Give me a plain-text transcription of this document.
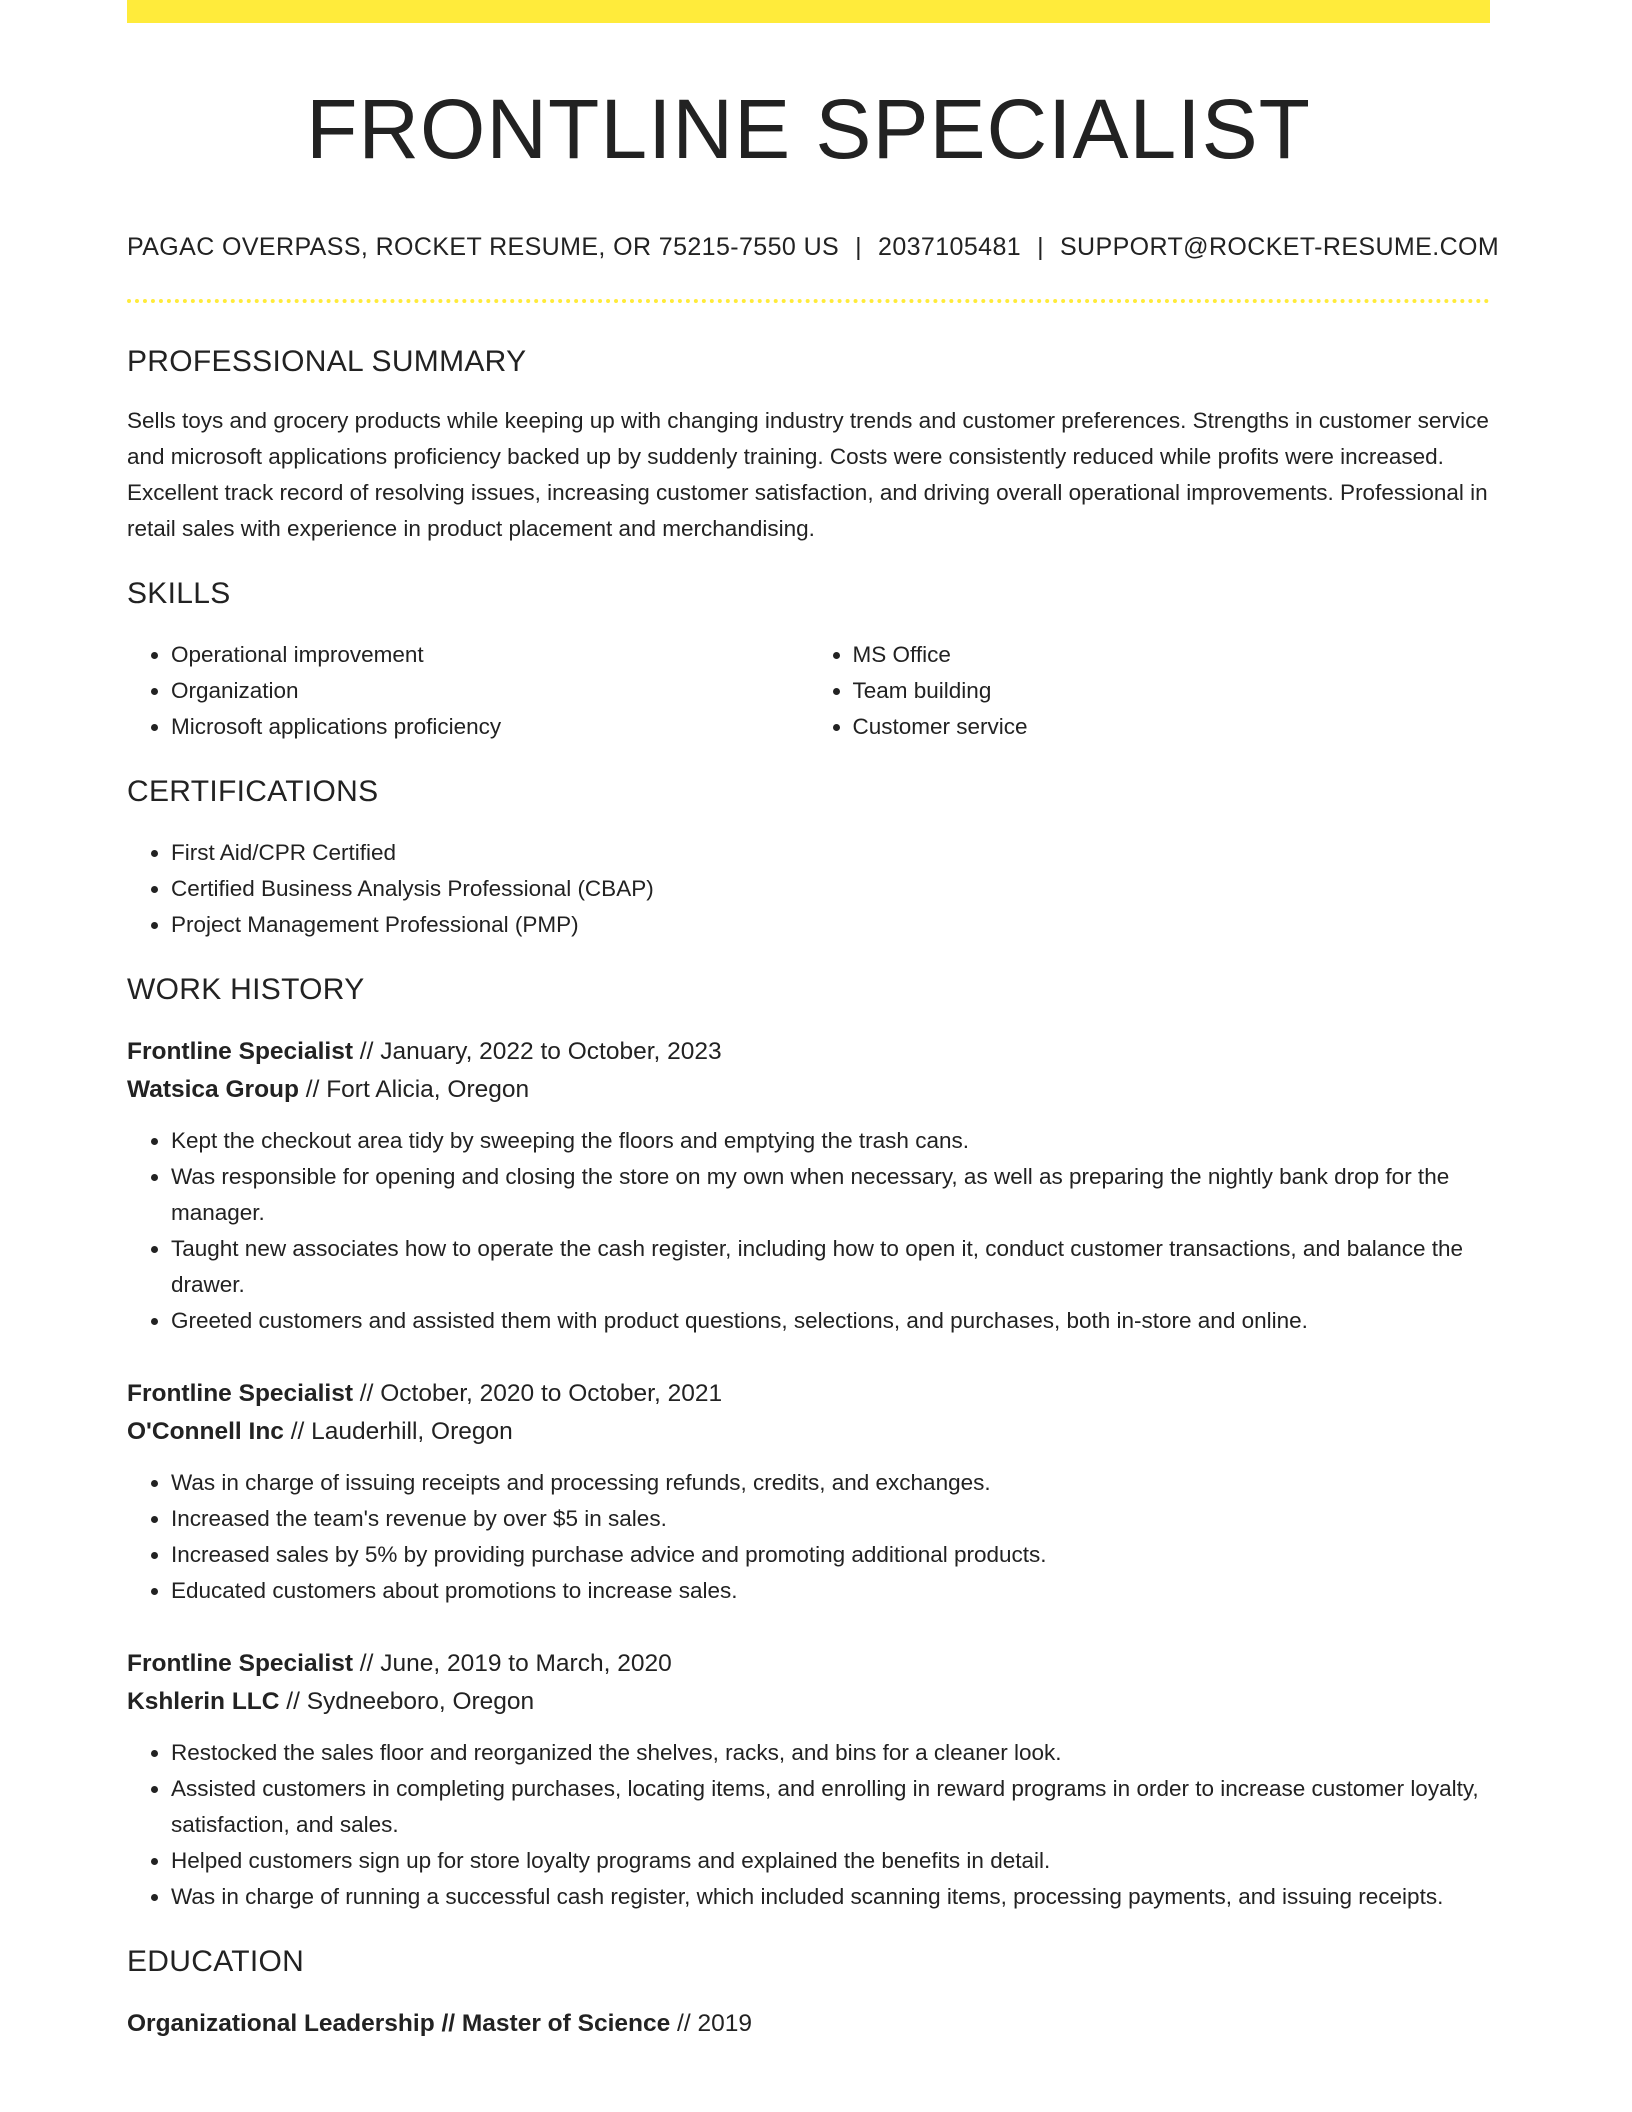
FRONTLINE SPECIALIST
PAGAC OVERPASS, ROCKET RESUME, OR 75215-7550 US | 2037105481 | SUPPORT@ROCKET-RESUME.COM
PROFESSIONAL SUMMARY

Sells toys and grocery products while keeping up with changing industry trends and customer preferences. Strengths in customer service and microsoft applications proficiency backed up by suddenly training. Costs were consistently reduced while profits were increased. Excellent track record of resolving issues, increasing customer satisfaction, and driving overall operational improvements. Professional in retail sales with experience in product placement and merchandising.

SKILLS
• Operational improvement
• Organization
• Microsoft applications proficiency
• MS Office
• Team building
• Customer service
CERTIFICATIONS
• First Aid/CPR Certified
• Certified Business Analysis Professional (CBAP)
• Project Management Professional (PMP)
WORK HISTORY
Frontline Specialist // January, 2022 to October, 2023
Watsica Group // Fort Alicia, Oregon
• Kept the checkout area tidy by sweeping the floors and emptying the trash cans.
• Was responsible for opening and closing the store on my own when necessary, as well as preparing the nightly bank drop for the manager.
• Taught new associates how to operate the cash register, including how to open it, conduct customer transactions, and balance the drawer.
• Greeted customers and assisted them with product questions, selections, and purchases, both in-store and online.
Frontline Specialist // October, 2020 to October, 2021
O'Connell Inc // Lauderhill, Oregon
• Was in charge of issuing receipts and processing refunds, credits, and exchanges.
• Increased the team's revenue by over $5 in sales.
• Increased sales by 5% by providing purchase advice and promoting additional products.
• Educated customers about promotions to increase sales.
Frontline Specialist // June, 2019 to March, 2020
Kshlerin LLC // Sydneeboro, Oregon
• Restocked the sales floor and reorganized the shelves, racks, and bins for a cleaner look.
• Assisted customers in completing purchases, locating items, and enrolling in reward programs in order to increase customer loyalty, satisfaction, and sales.
• Helped customers sign up for store loyalty programs and explained the benefits in detail.
• Was in charge of running a successful cash register, which included scanning items, processing payments, and issuing receipts.
EDUCATION
Organizational Leadership // Master of Science // 2019
